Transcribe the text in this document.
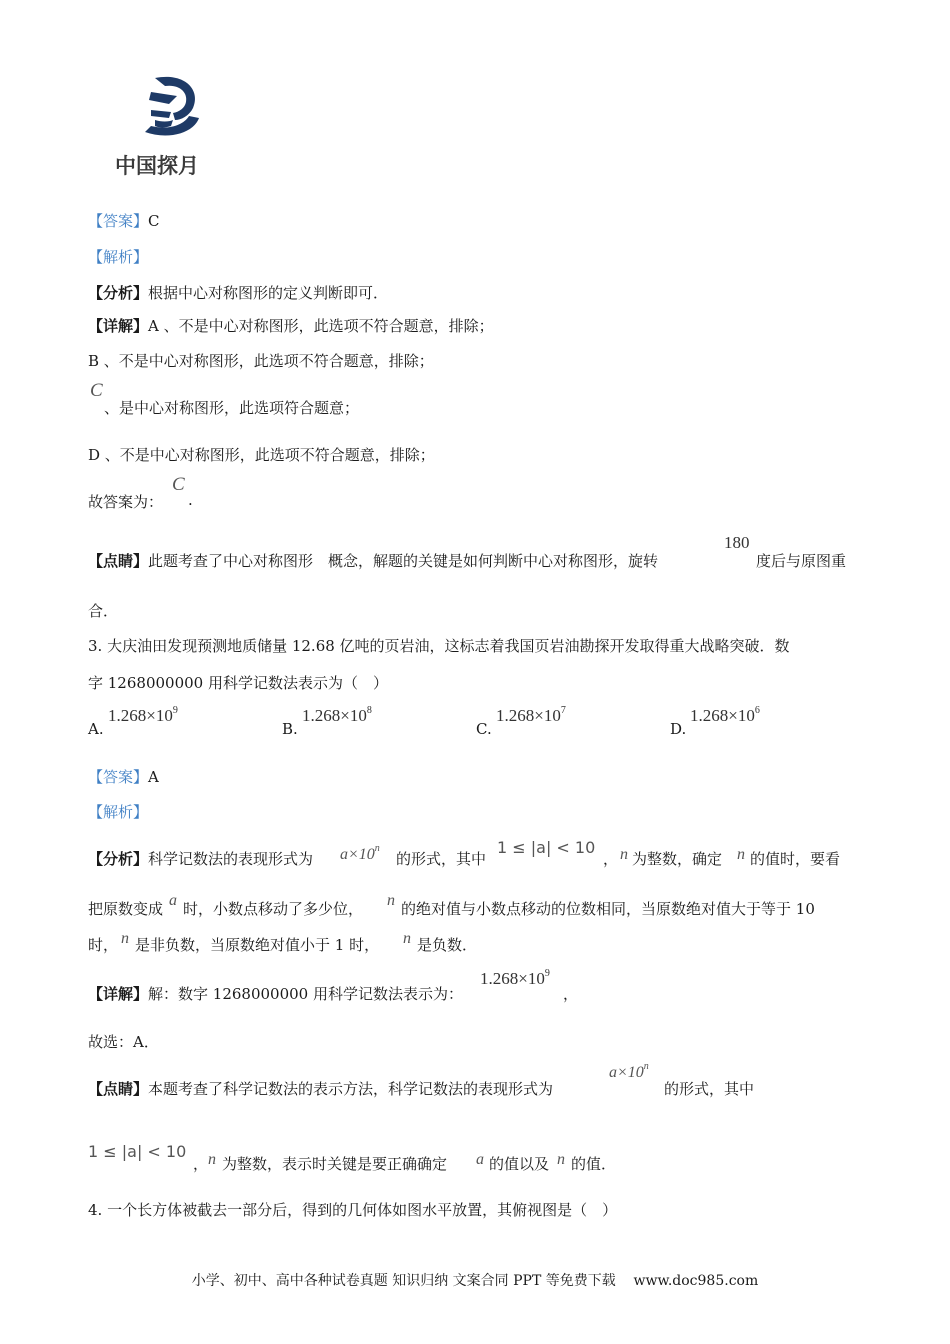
中国探月
【答案】C
【解析】
【分析】根据中心对称图形的定义判断即可．
【详解】A 、不是中心对称图形，此选项不符合题意，排除；
B 、不是中心对称图形，此选项不符合题意，排除；
C
、是中心对称图形，此选项符合题意；
D 、不是中心对称图形，此选项不符合题意，排除；
故答案为：
C
.
【点睛】此题考查了中心对称图形　概念，解题的关键是如何判断中心对称图形，旋转
180
度后与原图重
合．
3. 大庆油田发现预测地质储量 12.68 亿吨的页岩油，这标志着我国页岩油勘探开发取得重大战略突破．数
字 1268000000 用科学记数法表示为（　）
A.
$1.268\times 10^9$
B.
$1.268\times 10^8$
C.
$1.268\times 10^7$
D.
$1.268\times 10^6$
【答案】A
【解析】
【分析】科学记数法的表现形式为 $a\times 10^n$
的形式，其中
1 ≤ |a| < 10
， n 为整数，确定 n 的值时，要看
把原数变成 a 时，小数点移动了多少位， n 的绝对值与小数点移动的位数相同，当原数绝对值大于等于 10
时， n 是非负数，当原数绝对值小于 1 时， n 是负数．
【详解】解：数字 1268000000 用科学记数法表示为：
$1.268\times 10^9$
，
故选：A．
【点睛】本题考查了科学记数法的表示方法，科学记数法的表现形式为
$a\times 10^n$
的形式，其中
1 ≤ |a| < 10
， n 为整数，表示时关键是要正确确定 a 的值以及 n 的值．
4. 一个长方体被截去一部分后，得到的几何体如图水平放置，其俯视图是（　）
小学、初中、高中各种试卷真题 知识归纳 文案合同 PPT 等免费下载 www.doc985.com
